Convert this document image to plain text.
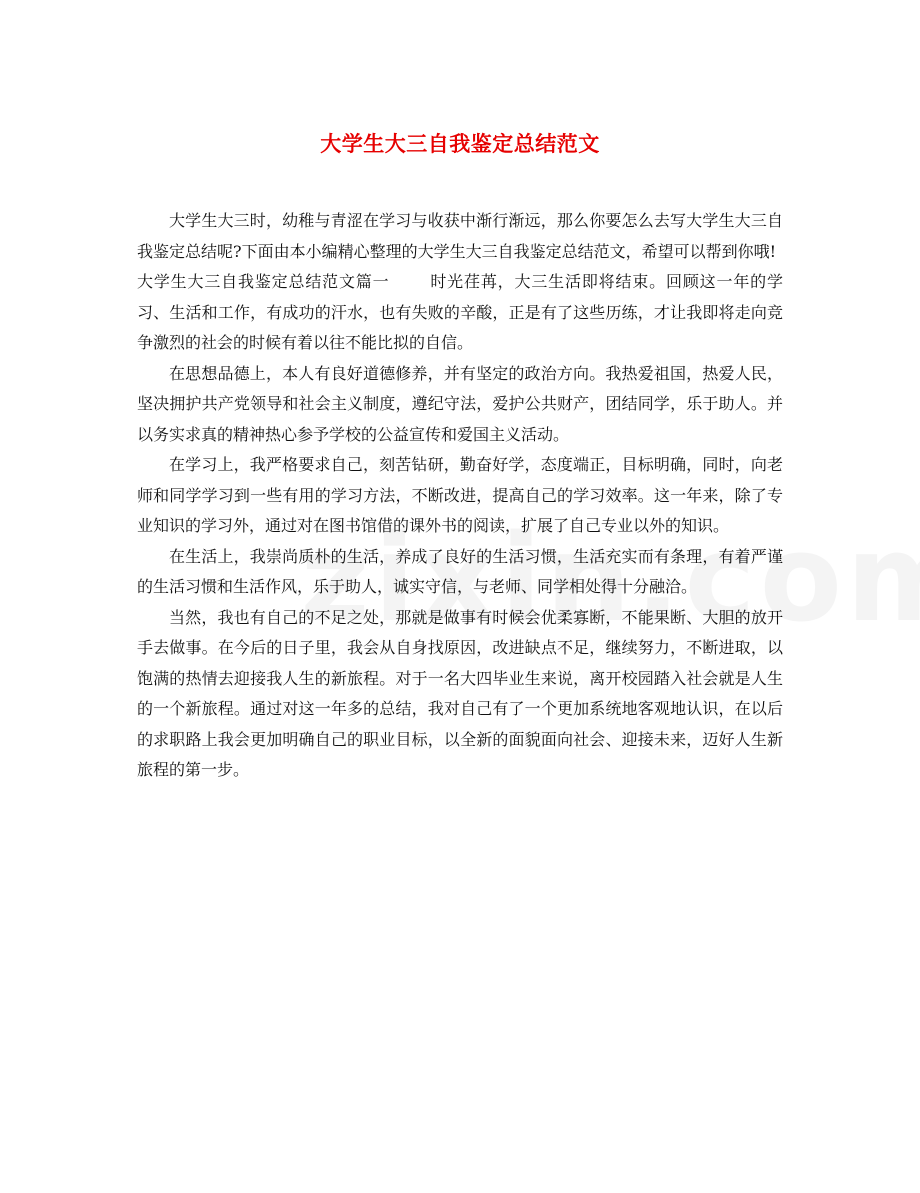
大学生大三自我鉴定总结范文

大学生大三时，幼稚与青涩在学习与收获中渐行渐远，那么你要怎么去写大学生大三自我鉴定总结呢?下面由本小编精心整理的大学生大三自我鉴定总结范文，希望可以帮到你哦!

大学生大三自我鉴定总结范文篇一	时光荏苒，大三生活即将结束。回顾这一年的学习、生活和工作，有成功的汗水，也有失败的辛酸，正是有了这些历练，才让我即将走向竞争激烈的社会的时候有着以往不能比拟的自信。

在思想品德上，本人有良好道德修养，并有坚定的政治方向。我热爱祖国，热爱人民，坚决拥护共产党领导和社会主义制度，遵纪守法，爱护公共财产，团结同学，乐于助人。并以务实求真的精神热心参予学校的公益宣传和爱国主义活动。

在学习上，我严格要求自己，刻苦钻研，勤奋好学，态度端正，目标明确，同时，向老师和同学学习到一些有用的学习方法，不断改进，提高自己的学习效率。这一年来，除了专业知识的学习外，通过对在图书馆借的课外书的阅读，扩展了自己专业以外的知识。

在生活上，我崇尚质朴的生活，养成了良好的生活习惯，生活充实而有条理，有着严谨的生活习惯和生活作风，乐于助人，诚实守信，与老师、同学相处得十分融洽。

当然，我也有自己的不足之处，那就是做事有时候会优柔寡断，不能果断、大胆的放开手去做事。在今后的日子里，我会从自身找原因，改进缺点不足，继续努力，不断进取，以饱满的热情去迎接我人生的新旅程。对于一名大四毕业生来说，离开校园踏入社会就是人生的一个新旅程。通过对这一年多的总结，我对自己有了一个更加系统地客观地认识，在以后的求职路上我会更加明确自己的职业目标，以全新的面貌面向社会、迎接未来，迈好人生新旅程的第一步。
